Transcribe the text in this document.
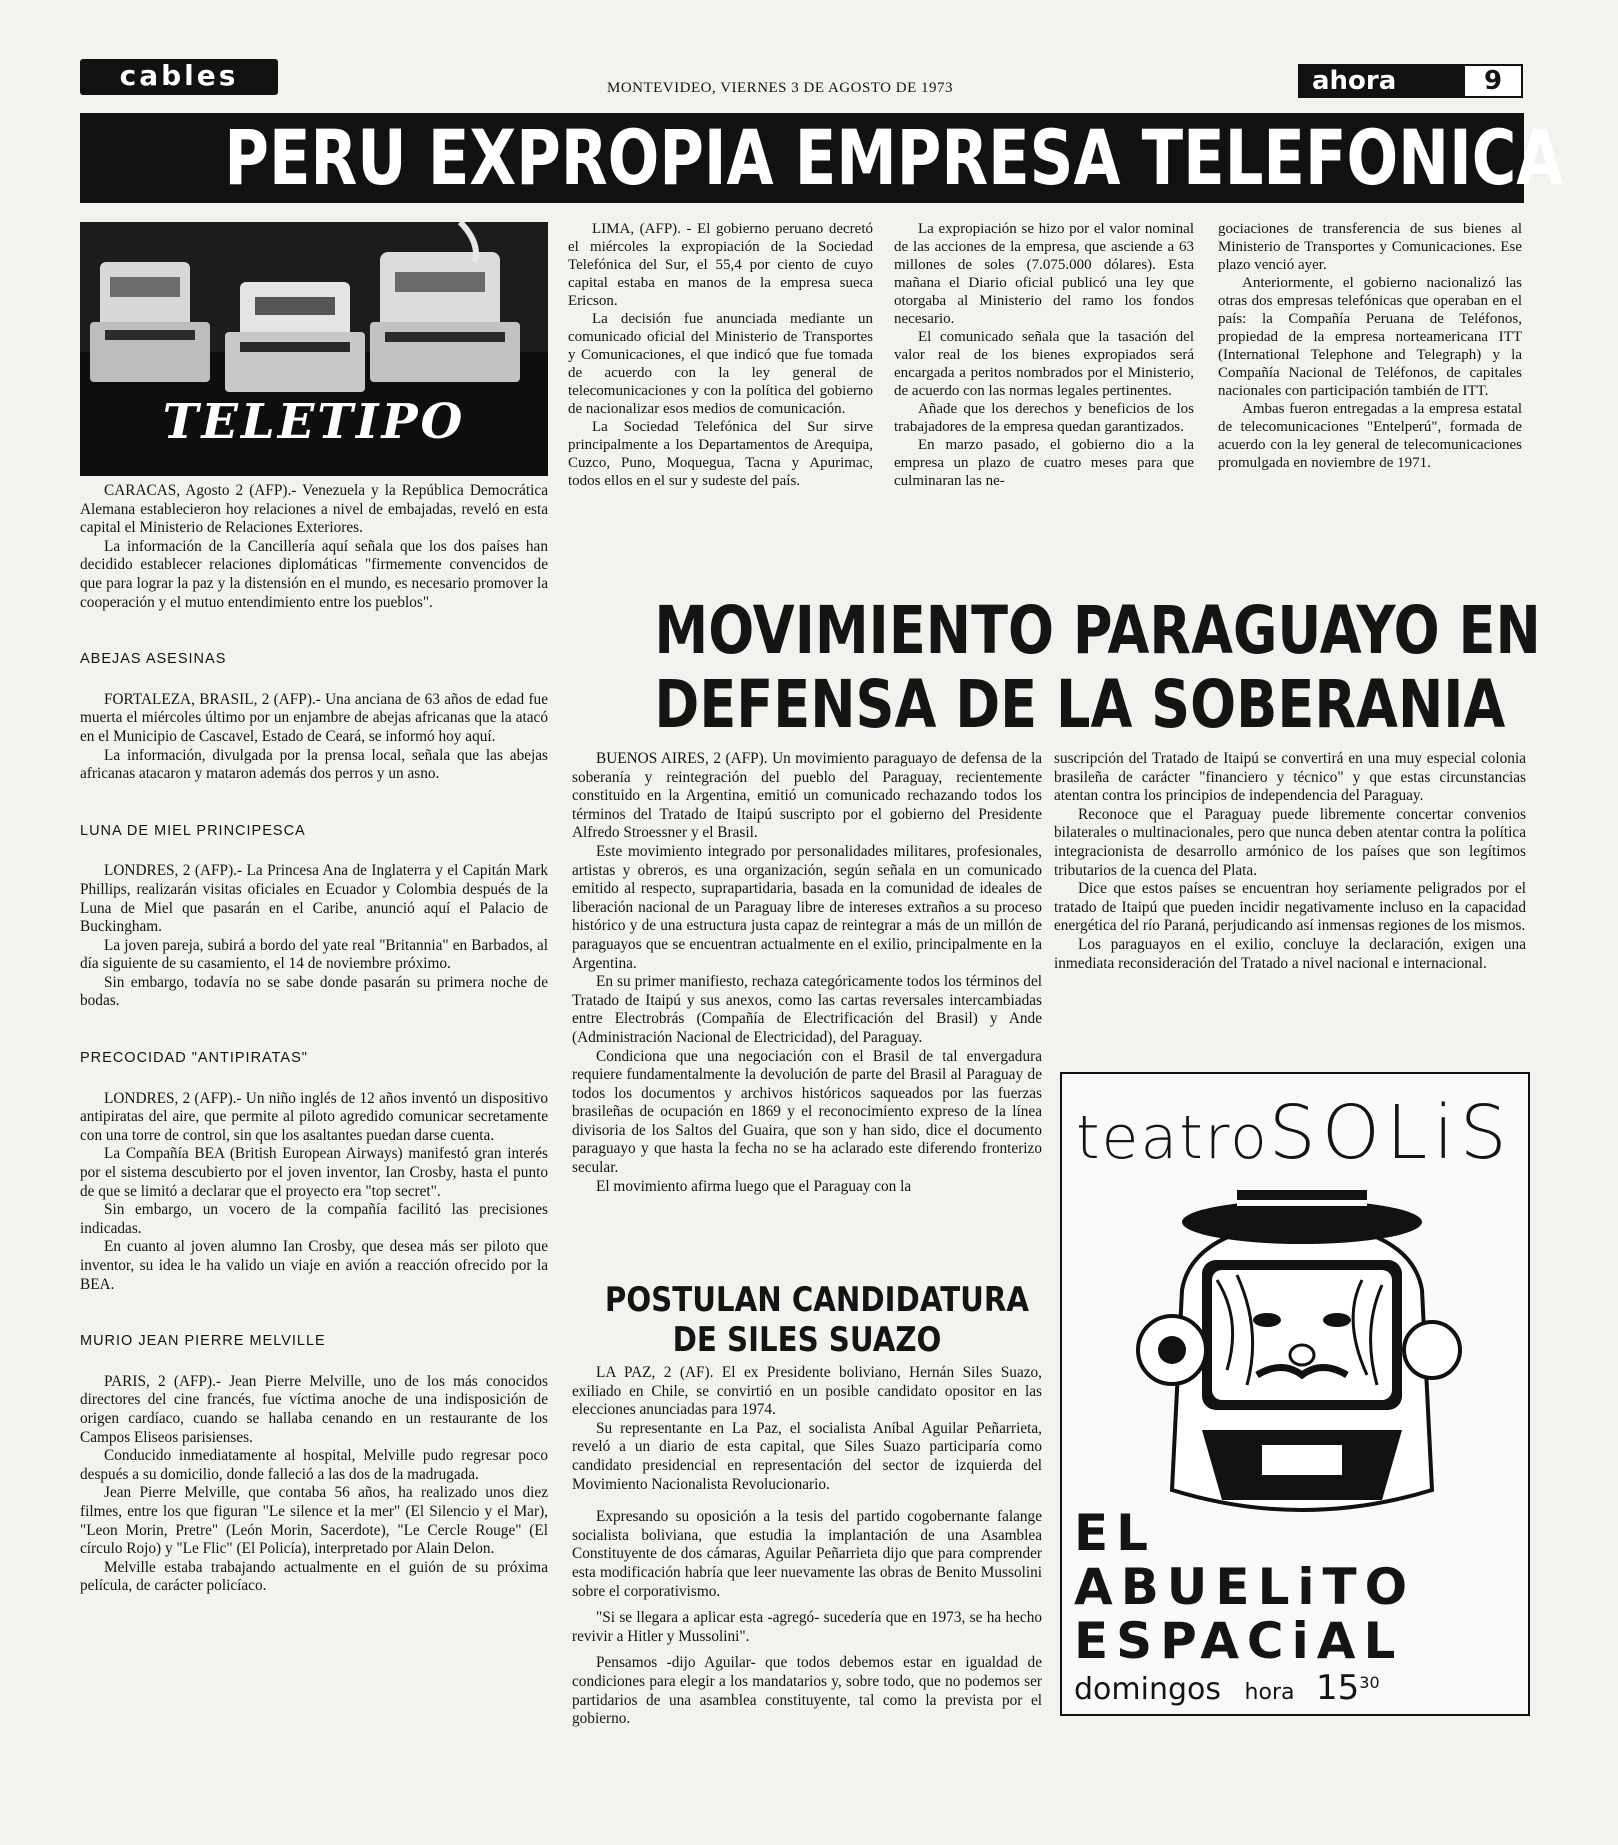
cables	MONTEVIDEO, VIERNES 3 DE AGOSTO DE 1973	ahora	9
PERU EXPROPIA EMPRESA TELEFONICA
TELETIPO

LIMA, (AFP). - El gobierno peruano decretó el miércoles la expropiación de la Sociedad Telefónica del Sur, el 55,4 por ciento de cuyo capital estaba en manos de la empresa sueca Ericson.

La decisión fue anunciada mediante un comunicado oficial del Ministerio de Transportes y Comunicaciones, el que indicó que fue tomada de acuerdo con la ley general de telecomunicaciones y con la política del gobierno de nacionalizar esos medios de comunicación.

La Sociedad Telefónica del Sur sirve principalmente a los Departamentos de Arequipa, Cuzco, Puno, Moquegua, Tacna y Apurimac, todos ellos en el sur y sudeste del país.

La expropiación se hizo por el valor nominal de las acciones de la empresa, que asciende a 63 millones de soles (7.075.000 dólares). Esta mañana el Diario oficial publicó una ley que otorgaba al Ministerio del ramo los fondos necesario.

El comunicado señala que la tasación del valor real de los bienes expropiados será encargada a peritos nombrados por el Ministerio, de acuerdo con las normas legales pertinentes.

Añade que los derechos y beneficios de los trabajadores de la empresa quedan garantizados.

En marzo pasado, el gobierno dio a la empresa un plazo de cuatro meses para que culminaran las ne-

gociaciones de transferencia de sus bienes al Ministerio de Transportes y Comunicaciones. Ese plazo venció ayer.

Anteriormente, el gobierno nacionalizó las otras dos empresas telefónicas que operaban en el país: la Compañía Peruana de Teléfonos, propiedad de la empresa norteamericana ITT (International Telephone and Telegraph) y la Compañía Nacional de Teléfonos, de capitales nacionales con participación también de ITT.

Ambas fueron entregadas a la empresa estatal de telecomunicaciones "Entelperú", formada de acuerdo con la ley general de telecomunicaciones promulgada en noviembre de 1971.

CARACAS, Agosto 2 (AFP).- Venezuela y la República Democrática Alemana establecieron hoy relaciones a nivel de embajadas, reveló en esta capital el Ministerio de Relaciones Exteriores.

La información de la Cancillería aquí señala que los dos países han decidido establecer relaciones diplomáticas "firmemente convencidos de que para lograr la paz y la distensión en el mundo, es necesario promover la cooperación y el mutuo entendimiento entre los pueblos".

ABEJAS ASESINAS

FORTALEZA, BRASIL, 2 (AFP).- Una anciana de 63 años de edad fue muerta el miércoles último por un enjambre de abejas africanas que la atacó en el Municipio de Cascavel, Estado de Ceará, se informó hoy aquí.

La información, divulgada por la prensa local, señala que las abejas africanas atacaron y mataron además dos perros y un asno.

LUNA DE MIEL PRINCIPESCA

LONDRES, 2 (AFP).- La Princesa Ana de Inglaterra y el Capitán Mark Phillips, realizarán visitas oficiales en Ecuador y Colombia después de la Luna de Miel que pasarán en el Caribe, anunció aquí el Palacio de Buckingham.

La joven pareja, subirá a bordo del yate real "Britannia" en Barbados, al día siguiente de su casamiento, el 14 de noviembre próximo.

Sin embargo, todavía no se sabe donde pasarán su primera noche de bodas.

PRECOCIDAD "ANTIPIRATAS"

LONDRES, 2 (AFP).- Un niño inglés de 12 años inventó un dispositivo antipiratas del aire, que permite al piloto agredido comunicar secretamente con una torre de control, sin que los asaltantes puedan darse cuenta.

La Compañía BEA (British European Airways) manifestó gran interés por el sistema descubierto por el joven inventor, Ian Crosby, hasta el punto de que se limitó a declarar que el proyecto era "top secret".

Sin embargo, un vocero de la compañía facilitó las precisiones indicadas.

En cuanto al joven alumno Ian Crosby, que desea más ser piloto que inventor, su idea le ha valido un viaje en avión a reacción ofrecido por la BEA.

MURIO JEAN PIERRE MELVILLE

PARIS, 2 (AFP).- Jean Pierre Melville, uno de los más conocidos directores del cine francés, fue víctima anoche de una indisposición de origen cardíaco, cuando se hallaba cenando en un restaurante de los Campos Eliseos parisienses.

Conducido inmediatamente al hospital, Melville pudo regresar poco después a su domicilio, donde falleció a las dos de la madrugada.

Jean Pierre Melville, que contaba 56 años, ha realizado unos diez filmes, entre los que figuran "Le silence et la mer" (El Silencio y el Mar), "Leon Morin, Pretre" (León Morin, Sacerdote), "Le Cercle Rouge" (El círculo Rojo) y "Le Flic" (El Policía), interpretado por Alain Delon.

Melville estaba trabajando actualmente en el guión de su próxima película, de carácter policíaco.

MOVIMIENTO PARAGUAYO EN
DEFENSA DE LA SOBERANIA

BUENOS AIRES, 2 (AFP). Un movimiento paraguayo de defensa de la soberanía y reintegración del pueblo del Paraguay, recientemente constituido en la Argentina, emitió un comunicado rechazando todos los términos del Tratado de Itaipú suscripto por el gobierno del Presidente Alfredo Stroessner y el Brasil.

Este movimiento integrado por personalidades militares, profesionales, artistas y obreros, es una organización, según señala en un comunicado emitido al respecto, suprapartidaria, basada en la comunidad de ideales de liberación nacional de un Paraguay libre de intereses extraños a su proceso histórico y de una estructura justa capaz de reintegrar a más de un millón de paraguayos que se encuentran actualmente en el exilio, principalmente en la Argentina.

En su primer manifiesto, rechaza categóricamente todos los términos del Tratado de Itaipú y sus anexos, como las cartas reversales intercambiadas entre Electrobrás (Compañía de Electrificación del Brasil) y Ande (Administración Nacional de Electricidad), del Paraguay.

Condiciona que una negociación con el Brasil de tal envergadura requiere fundamentalmente la devolución de parte del Brasil al Paraguay de todos los documentos y archivos históricos saqueados por las fuerzas brasileñas de ocupación en 1869 y el reconocimiento expreso de la línea divisoria de los Saltos del Guaira, que son y han sido, dice el documento paraguayo y que hasta la fecha no se ha aclarado este diferendo fronterizo secular.

El movimiento afirma luego que el Paraguay con la

suscripción del Tratado de Itaipú se convertirá en una muy especial colonia brasileña de carácter "financiero y técnico" y que estas circunstancias atentan contra los principios de independencia del Paraguay.

Reconoce que el Paraguay puede libremente concertar convenios bilaterales o multinacionales, pero que nunca deben atentar contra la política integracionista de desarrollo armónico de los países que son legítimos tributarios de la cuenca del Plata.

Dice que estos países se encuentran hoy seriamente peligrados por el tratado de Itaipú que pueden incidir negativamente incluso en la capacidad energética del río Paraná, perjudicando así inmensas regiones de los mismos.

Los paraguayos en el exilio, concluye la declaración, exigen una inmediata reconsideración del Tratado a nivel nacional e internacional.

POSTULAN CANDIDATURA
DE SILES SUAZO

LA PAZ, 2 (AF). El ex Presidente boliviano, Hernán Siles Suazo, exiliado en Chile, se convirtió en un posible candidato opositor en las elecciones anunciadas para 1974.

Su representante en La Paz, el socialista Aníbal Aguilar Peñarrieta, reveló a un diario de esta capital, que Siles Suazo participaría como candidato presidencial en representación del sector de izquierda del Movimiento Nacionalista Revolucionario.

Expresando su oposición a la tesis del partido cogobernante falange socialista boliviana, que estudia la implantación de una Asamblea Constituyente de dos cámaras, Aguilar Peñarrieta dijo que para comprender esta modificación habría que leer nuevamente las obras de Benito Mussolini sobre el corporativismo.

"Si se llegara a aplicar esta -agregó- sucedería que en 1973, se ha hecho revivir a Hitler y Mussolini".

Pensamos -dijo Aguilar- que todos debemos estar en igualdad de condiciones para elegir a los mandatarios y, sobre todo, que no podemos ser partidarios de una asamblea constituyente, tal como la prevista por el gobierno.

teatroSOLiS
EL
ABUELiTO
ESPACiAL
domingos hora $15^{30}$
